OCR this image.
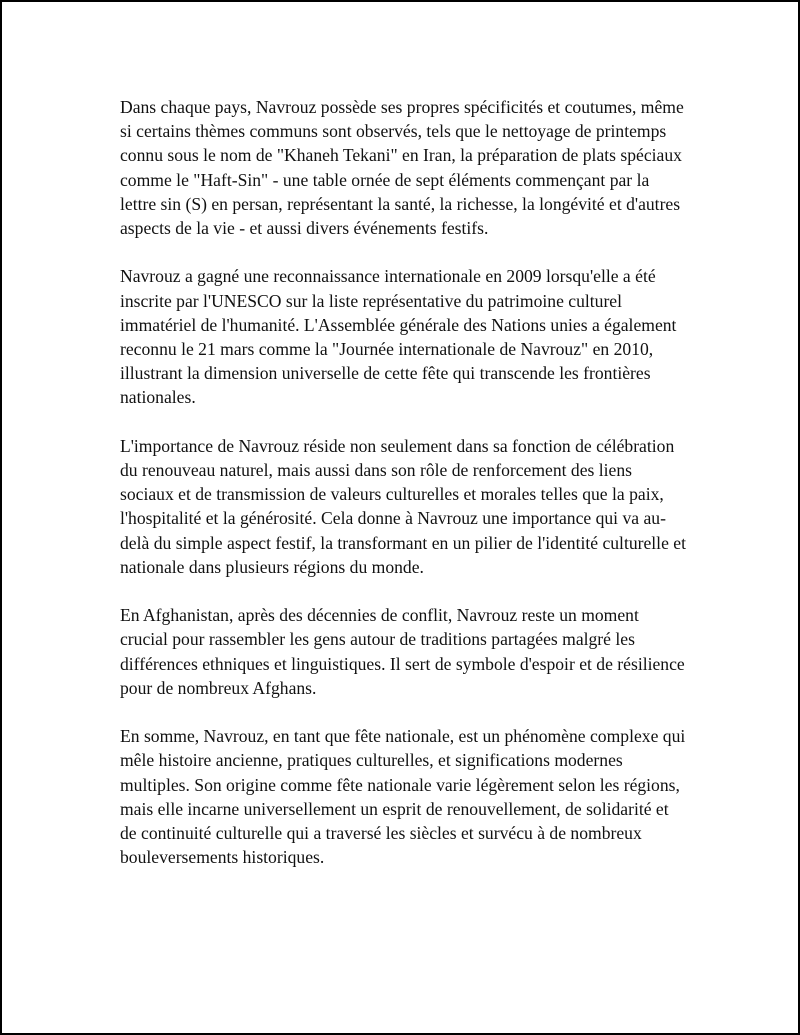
Dans chaque pays, Navrouz possède ses propres spécificités et coutumes, même si certains thèmes communs sont observés, tels que le nettoyage de printemps connu sous le nom de "Khaneh Tekani" en Iran, la préparation de plats spéciaux comme le "Haft-Sin" - une table ornée de sept éléments commençant par la lettre sin (S) en persan, représentant la santé, la richesse, la longévité et d'autres aspects de la vie - et aussi divers événements festifs.

Navrouz a gagné une reconnaissance internationale en 2009 lorsqu'elle a été inscrite par l'UNESCO sur la liste représentative du patrimoine culturel immatériel de l'humanité. L'Assemblée générale des Nations unies a également reconnu le 21 mars comme la "Journée internationale de Navrouz" en 2010, illustrant la dimension universelle de cette fête qui transcende les frontières nationales.

L'importance de Navrouz réside non seulement dans sa fonction de célébration du renouveau naturel, mais aussi dans son rôle de renforcement des liens sociaux et de transmission de valeurs culturelles et morales telles que la paix, l'hospitalité et la générosité. Cela donne à Navrouz une importance qui va au-delà du simple aspect festif, la transformant en un pilier de l'identité culturelle et nationale dans plusieurs régions du monde.

En Afghanistan, après des décennies de conflit, Navrouz reste un moment crucial pour rassembler les gens autour de traditions partagées malgré les différences ethniques et linguistiques. Il sert de symbole d'espoir et de résilience pour de nombreux Afghans.

En somme, Navrouz, en tant que fête nationale, est un phénomène complexe qui mêle histoire ancienne, pratiques culturelles, et significations modernes multiples. Son origine comme fête nationale varie légèrement selon les régions, mais elle incarne universellement un esprit de renouvellement, de solidarité et de continuité culturelle qui a traversé les siècles et survécu à de nombreux bouleversements historiques.
